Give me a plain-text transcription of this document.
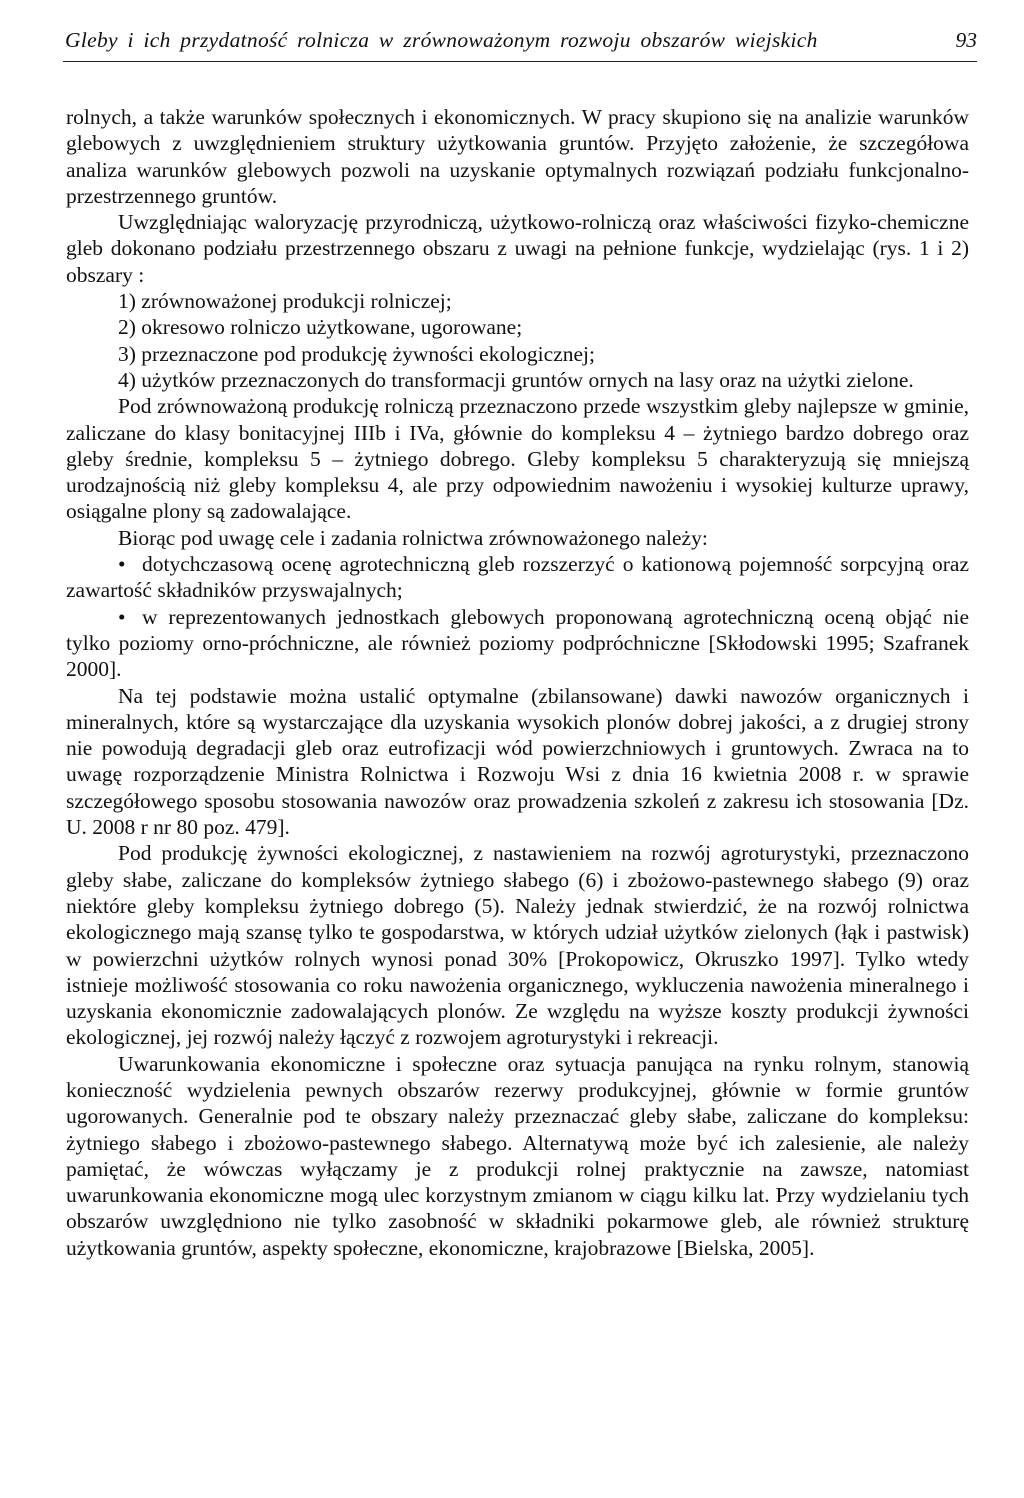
Gleby i ich przydatność rolnicza w zrównoważonym rozwoju obszarów wiejskich	93

rolnych, a także warunków społecznych i ekonomicznych. W pracy skupiono się na analizie warunków glebowych z uwzględnieniem struktury użytkowania gruntów. Przyjęto założenie, że szczegółowa analiza warunków glebowych pozwoli na uzyskanie optymalnych rozwiązań podziału funkcjonalno-przestrzennego gruntów.

Uwzględniając waloryzację przyrodniczą, użytkowo-rolniczą oraz właściwości fizyko-chemiczne gleb dokonano podziału przestrzennego obszaru z uwagi na pełnione funkcje, wydzielając (rys. 1 i 2) obszary :

1) zrównoważonej produkcji rolniczej;

2) okresowo rolniczo użytkowane, ugorowane;

3) przeznaczone pod produkcję żywności ekologicznej;

4) użytków przeznaczonych do transformacji gruntów ornych na lasy oraz na użytki zielone.

Pod zrównoważoną produkcję rolniczą przeznaczono przede wszystkim gleby najlepsze w gminie, zaliczane do klasy bonitacyjnej IIIb i IVa, głównie do kompleksu 4 – żytniego bardzo dobrego oraz gleby średnie, kompleksu 5 – żytniego dobrego. Gleby kompleksu 5 charakteryzują się mniejszą urodzajnością niż gleby kompleksu 4, ale przy odpowiednim nawożeniu i wysokiej kulturze uprawy, osiągalne plony są zadowalające.

Biorąc pod uwagę cele i zadania rolnictwa zrównoważonego należy:

• dotychczasową ocenę agrotechniczną gleb rozszerzyć o kationową pojemność sorpcyjną oraz zawartość składników przyswajalnych;

• w reprezentowanych jednostkach glebowych proponowaną agrotechniczną oceną objąć nie tylko poziomy orno-próchniczne, ale również poziomy podpróchniczne [Skłodowski 1995; Szafranek 2000].

Na tej podstawie można ustalić optymalne (zbilansowane) dawki nawozów organicznych i mineralnych, które są wystarczające dla uzyskania wysokich plonów dobrej jakości, a z drugiej strony nie powodują degradacji gleb oraz eutrofizacji wód powierzchniowych i gruntowych. Zwraca na to uwagę rozporządzenie Ministra Rolnictwa i Rozwoju Wsi z dnia 16 kwietnia 2008 r. w sprawie szczegółowego sposobu stosowania nawozów oraz prowadzenia szkoleń z zakresu ich stosowania [Dz. U. 2008 r nr 80 poz. 479].

Pod produkcję żywności ekologicznej, z nastawieniem na rozwój agroturystyki, przeznaczono gleby słabe, zaliczane do kompleksów żytniego słabego (6) i zbożowo-pastewnego słabego (9) oraz niektóre gleby kompleksu żytniego dobrego (5). Należy jednak stwierdzić, że na rozwój rolnictwa ekologicznego mają szansę tylko te gospodarstwa, w których udział użytków zielonych (łąk i pastwisk) w powierzchni użytków rolnych wynosi ponad 30% [Prokopowicz, Okruszko 1997]. Tylko wtedy istnieje możliwość stosowania co roku nawożenia organicznego, wykluczenia nawożenia mineralnego i uzyskania ekonomicznie zadowalających plonów. Ze względu na wyższe koszty produkcji żywności ekologicznej, jej rozwój należy łączyć z rozwojem agroturystyki i rekreacji.

Uwarunkowania ekonomiczne i społeczne oraz sytuacja panująca na rynku rolnym, stanowią konieczność wydzielenia pewnych obszarów rezerwy produkcyjnej, głównie w formie gruntów ugorowanych. Generalnie pod te obszary należy przeznaczać gleby słabe, zaliczane do kompleksu: żytniego słabego i zbożowo-pastewnego słabego. Alternatywą może być ich zalesienie, ale należy pamiętać, że wówczas wyłączamy je z produkcji rolnej praktycznie na zawsze, natomiast uwarunkowania ekonomiczne mogą ulec korzystnym zmianom w ciągu kilku lat. Przy wydzielaniu tych obszarów uwzględniono nie tylko zasobność w składniki pokarmowe gleb, ale również strukturę użytkowania gruntów, aspekty społeczne, ekonomiczne, krajobrazowe [Bielska, 2005].
